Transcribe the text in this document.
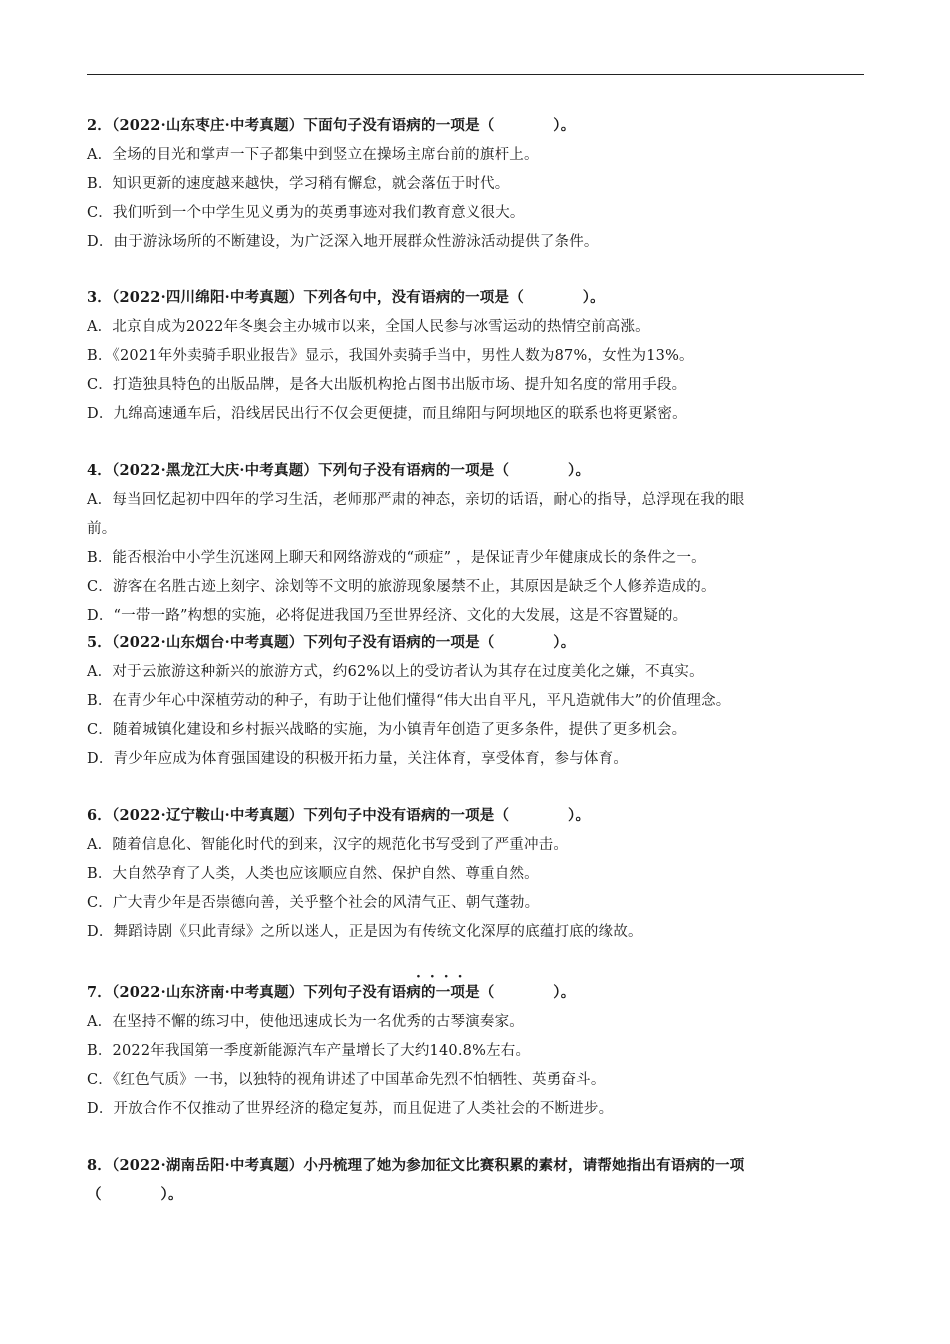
2．（2022·山东枣庄·中考真题）下面句子没有语病的一项是（　　　　）。
A．全场的目光和掌声一下子都集中到竖立在操场主席台前的旗杆上。
B．知识更新的速度越来越快，学习稍有懈怠，就会落伍于时代。
C．我们听到一个中学生见义勇为的英勇事迹对我们教育意义很大。
D．由于游泳场所的不断建设，为广泛深入地开展群众性游泳活动提供了条件。
3．（2022·四川绵阳·中考真题）下列各句中，没有语病的一项是（　　　　）。
A．北京自成为2022年冬奥会主办城市以来，全国人民参与冰雪运动的热情空前高涨。
B．《2021年外卖骑手职业报告》显示，我国外卖骑手当中，男性人数为87%，女性为13%。
C．打造独具特色的出版品牌，是各大出版机构抢占图书出版市场、提升知名度的常用手段。
D．九绵高速通车后，沿线居民出行不仅会更便捷，而且绵阳与阿坝地区的联系也将更紧密。
4．（2022·黑龙江大庆·中考真题）下列句子没有语病的一项是（　　　　）。
A．每当回忆起初中四年的学习生活，老师那严肃的神态，亲切的话语，耐心的指导，总浮现在我的眼
前。
B．能否根治中小学生沉迷网上聊天和网络游戏的“顽症” ，是保证青少年健康成长的条件之一。
C．游客在名胜古迹上刻字、涂划等不文明的旅游现象屡禁不止，其原因是缺乏个人修养造成的。
D．“一带一路”构想的实施，必将促进我国乃至世界经济、文化的大发展，这是不容置疑的。
5．（2022·山东烟台·中考真题）下列句子没有语病的一项是（　　　　）。
A．对于云旅游这种新兴的旅游方式，约62%以上的受访者认为其存在过度美化之嫌，不真实。
B．在青少年心中深植劳动的种子，有助于让他们懂得“伟大出自平凡，平凡造就伟大”的价值理念。
C．随着城镇化建设和乡村振兴战略的实施，为小镇青年创造了更多条件，提供了更多机会。
D．青少年应成为体育强国建设的积极开拓力量，关注体育，享受体育，参与体育。
6．（2022·辽宁鞍山·中考真题）下列句子中没有语病的一项是（　　　　）。
A．随着信息化、智能化时代的到来，汉字的规范化书写受到了严重冲击。
B．大自然孕育了人类，人类也应该顺应自然、保护自然、尊重自然。
C．广大青少年是否崇德向善，关乎整个社会的风清气正、朝气蓬勃。
D．舞蹈诗剧《只此青绿》之所以迷人，正是因为有传统文化深厚的底蕴打底的缘故。
····
7．（2022·山东济南·中考真题）下列句子没有语病的一项是（　　　　）。
A．在坚持不懈的练习中，使他迅速成长为一名优秀的古琴演奏家。
B．2022年我国第一季度新能源汽车产量增长了大约140.8%左右。
C．《红色气质》一书，以独特的视角讲述了中国革命先烈不怕牺牲、英勇奋斗。
D．开放合作不仅推动了世界经济的稳定复苏，而且促进了人类社会的不断进步。
8．（2022·湖南岳阳·中考真题）小丹梳理了她为参加征文比赛积累的素材，请帮她指出有语病的一项
（　　　　）。
